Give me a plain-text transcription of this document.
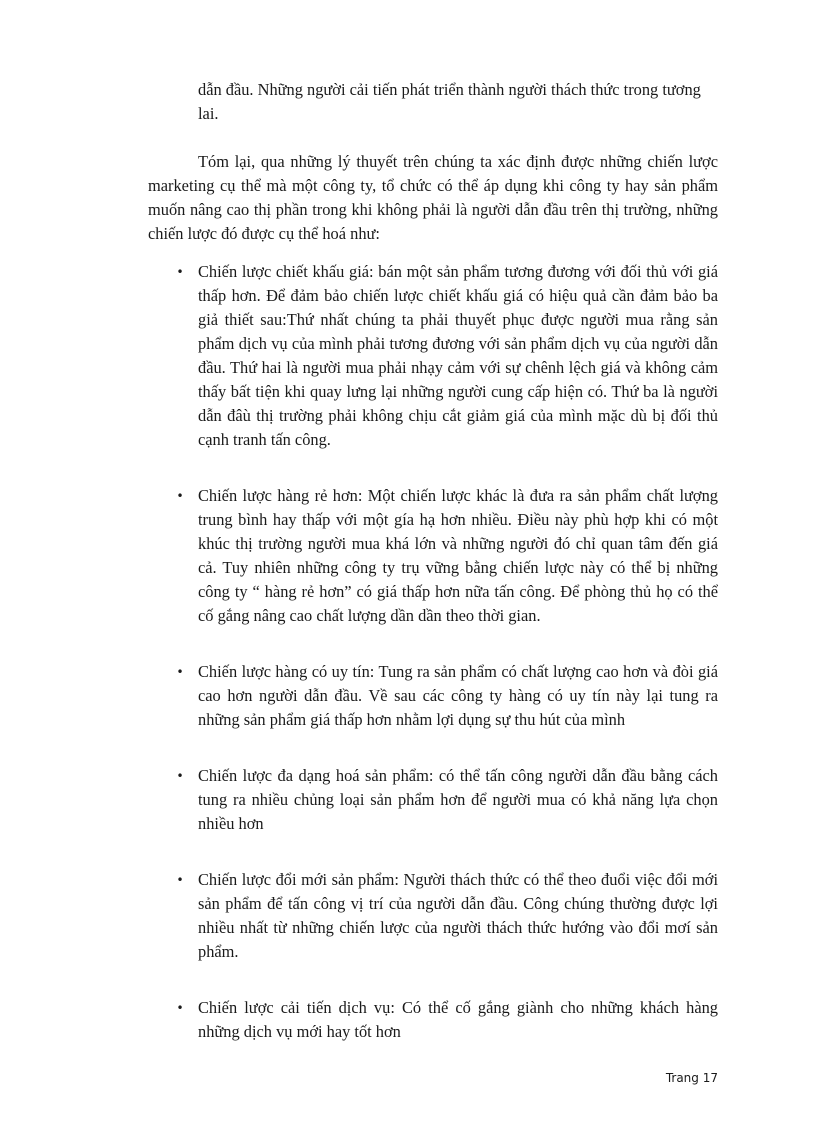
dẫn đầu. Những người cải tiến phát triển thành người thách thức trong tương lai.

Tóm lại, qua những lý thuyết trên chúng ta xác định được những chiến lược marketing cụ thể mà một công ty, tổ chức có thể áp dụng khi công ty hay sản phẩm muốn nâng cao thị phần trong khi không phải là người dẫn đầu trên thị trường, những chiến lược đó được cụ thể hoá như:

• Chiến lược chiết khấu giá: bán một sản phẩm tương đương với đối thủ với giá thấp hơn. Để đảm bảo chiến lược chiết khấu giá có hiệu quả cần đảm bảo ba giả thiết sau:Thứ nhất chúng ta phải thuyết phục được người mua rằng sản phẩm dịch vụ của mình phải tương đương với sản phẩm dịch vụ của người dẫn đầu. Thứ hai là người mua phải nhạy cảm với sự chênh lệch giá và không cảm thấy bất tiện khi quay lưng lại những người cung cấp hiện có. Thứ ba là người dẫn đâù thị trường phải không chịu cắt giảm giá của mình mặc dù bị đối thủ cạnh tranh tấn công.
• Chiến lược hàng rẻ hơn: Một chiến lược khác là đưa ra sản phẩm chất lượng trung bình hay thấp với một gía hạ hơn nhiều. Điều này phù hợp khi có một khúc thị trường người mua khá lớn và những người đó chỉ quan tâm đến giá cả. Tuy nhiên những công ty trụ vững bằng chiến lược này có thể bị những công ty “ hàng rẻ hơn” có giá thấp hơn nữa tấn công. Để phòng thủ họ có thể cố gắng nâng cao chất lượng dần dần theo thời gian.
• Chiến lược hàng có uy tín: Tung ra sản phẩm có chất lượng cao hơn và đòi giá cao hơn người dẫn đầu. Về sau các công ty hàng có uy tín này lại tung ra những sản phẩm giá thấp hơn nhằm lợi dụng sự thu hút của mình
• Chiến lược đa dạng hoá sản phẩm: có thể tấn công người dẫn đầu bằng cách tung ra nhiều chủng loại sản phẩm hơn để người mua có khả năng lựa chọn nhiều hơn
• Chiến lược đổi mới sản phẩm: Người thách thức có thể theo đuổi việc đổi mới sản phẩm để tấn công vị trí của người dẫn đầu. Công chúng thường được lợi nhiều nhất từ những chiến lược của người thách thức hướng vào đổi mơí sản phẩm.
• Chiến lược cải tiến dịch vụ: Có thể cố gắng giành cho những khách hàng những dịch vụ mới hay tốt hơn
Trang 17
